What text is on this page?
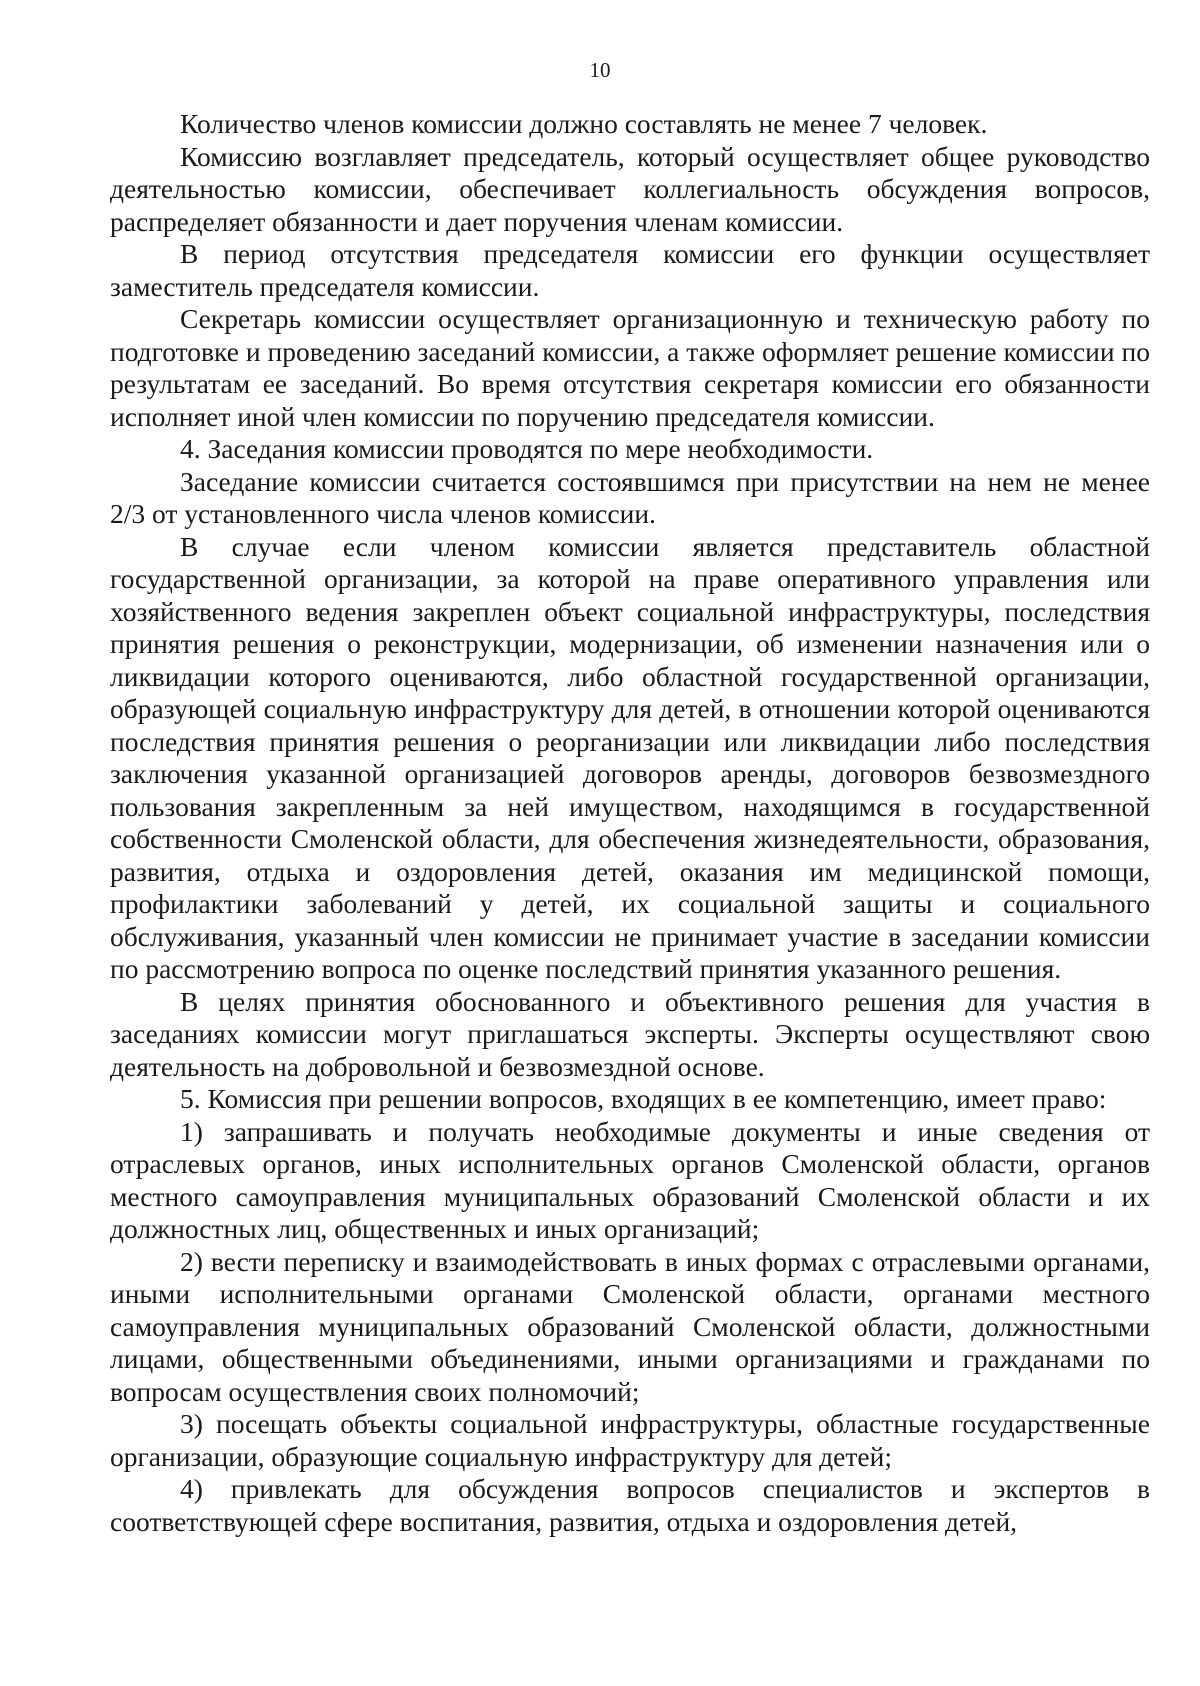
10

Количество членов комиссии должно составлять не менее 7 человек.

Комиссию возглавляет председатель, который осуществляет общее руководство деятельностью комиссии, обеспечивает коллегиальность обсуждения вопросов, распределяет обязанности и дает поручения членам комиссии.

В период отсутствия председателя комиссии его функции осуществляет заместитель председателя комиссии.

Секретарь комиссии осуществляет организационную и техническую работу по подготовке и проведению заседаний комиссии, а также оформляет решение комиссии по результатам ее заседаний. Во время отсутствия секретаря комиссии его обязанности исполняет иной член комиссии по поручению председателя комиссии.

4. Заседания комиссии проводятся по мере необходимости.

Заседание комиссии считается состоявшимся при присутствии на нем не менее 2/3 от установленного числа членов комиссии.

В случае если членом комиссии является представитель областной государственной организации, за которой на праве оперативного управления или хозяйственного ведения закреплен объект социальной инфраструктуры, последствия принятия решения о реконструкции, модернизации, об изменении назначения или о ликвидации которого оцениваются, либо областной государственной организации, образующей социальную инфраструктуру для детей, в отношении которой оцениваются последствия принятия решения о реорганизации или ликвидации либо последствия заключения указанной организацией договоров аренды, договоров безвозмездного пользования закрепленным за ней имуществом, находящимся в государственной собственности Смоленской области, для обеспечения жизнедеятельности, образования, развития, отдыха и оздоровления детей, оказания им медицинской помощи, профилактики заболеваний у детей, их социальной защиты и социального обслуживания, указанный член комиссии не принимает участие в заседании комиссии по рассмотрению вопроса по оценке последствий принятия указанного решения.

В целях принятия обоснованного и объективного решения для участия в заседаниях комиссии могут приглашаться эксперты. Эксперты осуществляют свою деятельность на добровольной и безвозмездной основе.

5. Комиссия при решении вопросов, входящих в ее компетенцию, имеет право:

1) запрашивать и получать необходимые документы и иные сведения от отраслевых органов, иных исполнительных органов Смоленской области, органов местного самоуправления муниципальных образований Смоленской области и их должностных лиц, общественных и иных организаций;

2) вести переписку и взаимодействовать в иных формах с отраслевыми органами, иными исполнительными органами Смоленской области, органами местного самоуправления муниципальных образований Смоленской области, должностными лицами, общественными объединениями, иными организациями и гражданами по вопросам осуществления своих полномочий;

3) посещать объекты социальной инфраструктуры, областные государственные организации, образующие социальную инфраструктуру для детей;

4) привлекать для обсуждения вопросов специалистов и экспертов в соответствующей сфере воспитания, развития, отдыха и оздоровления детей,
